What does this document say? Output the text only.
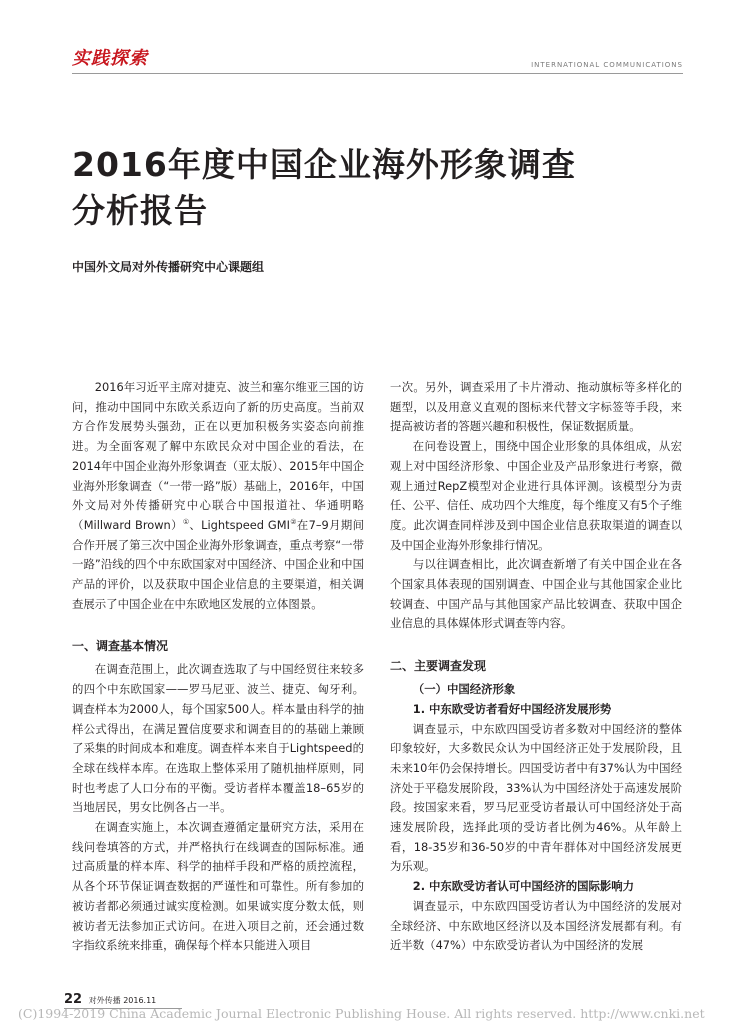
实践探索	INTERNATIONAL COMMUNICATIONS
2016年度中国企业海外形象调查
分析报告
中国外文局对外传播研究中心课题组

2016年习近平主席对捷克、波兰和塞尔维亚三国的访问，推动中国同中东欧关系迈向了新的历史高度。当前双方合作发展势头强劲，正在以更加积极务实姿态向前推进。为全面客观了解中东欧民众对中国企业的看法，在2014年中国企业海外形象调查（亚太版）、2015年中国企业海外形象调查（“一带一路”版）基础上，2016年，中国外文局对外传播研究中心联合中国报道社、华通明略（Millward Brown）①、Lightspeed GMI②在7–9月期间合作开展了第三次中国企业海外形象调查，重点考察“一带一路”沿线的四个中东欧国家对中国经济、中国企业和中国产品的评价，以及获取中国企业信息的主要渠道，相关调查展示了中国企业在中东欧地区发展的立体图景。

一、调查基本情况

在调查范围上，此次调查选取了与中国经贸往来较多的四个中东欧国家——罗马尼亚、波兰、捷克、匈牙利。调查样本为2000人，每个国家500人。样本量由科学的抽样公式得出，在满足置信度要求和调查目的的基础上兼顾了采集的时间成本和难度。调查样本来自于Lightspeed的全球在线样本库。在选取上整体采用了随机抽样原则，同时也考虑了人口分布的平衡。受访者样本覆盖18–65岁的当地居民，男女比例各占一半。

在调查实施上，本次调查遵循定量研究方法，采用在线问卷填答的方式，并严格执行在线调查的国际标准。通过高质量的样本库、科学的抽样手段和严格的质控流程，从各个环节保证调查数据的严谨性和可靠性。所有参加的被访者都必须通过诚实度检测。如果诚实度分数太低，则被访者无法参加正式访问。在进入项目之前，还会通过数字指纹系统来排重，确保每个样本只能进入项目

一次。另外，调查采用了卡片滑动、拖动旗标等多样化的题型，以及用意义直观的图标来代替文字标签等手段，来提高被访者的答题兴趣和积极性，保证数据质量。

在问卷设置上，围绕中国企业形象的具体组成，从宏观上对中国经济形象、中国企业及产品形象进行考察，微观上通过RepZ模型对企业进行具体评测。该模型分为责任、公平、信任、成功四个大维度，每个维度又有5个子维度。此次调查同样涉及到中国企业信息获取渠道的调查以及中国企业海外形象排行情况。

与以往调查相比，此次调查新增了有关中国企业在各个国家具体表现的国别调查、中国企业与其他国家企业比较调查、中国产品与其他国家产品比较调查、获取中国企业信息的具体媒体形式调查等内容。

二、主要调查发现
（一）中国经济形象
1. 中东欧受访者看好中国经济发展形势

调查显示，中东欧四国受访者多数对中国经济的整体印象较好，大多数民众认为中国经济正处于发展阶段，且未来10年仍会保持增长。四国受访者中有37%认为中国经济处于平稳发展阶段，33%认为中国经济处于高速发展阶段。按国家来看，罗马尼亚受访者最认可中国经济处于高速发展阶段，选择此项的受访者比例为46%。从年龄上看，18-35岁和36-50岁的中青年群体对中国经济发展更为乐观。

2. 中东欧受访者认可中国经济的国际影响力

调查显示，中东欧四国受访者认为中国经济的发展对全球经济、中东欧地区经济以及本国经济发展都有利。有近半数（47%）中东欧受访者认为中国经济的发展

22 对外传播 2016.11
(C)1994-2019 China Academic Journal Electronic Publishing House. All rights reserved. http://www.cnki.net
